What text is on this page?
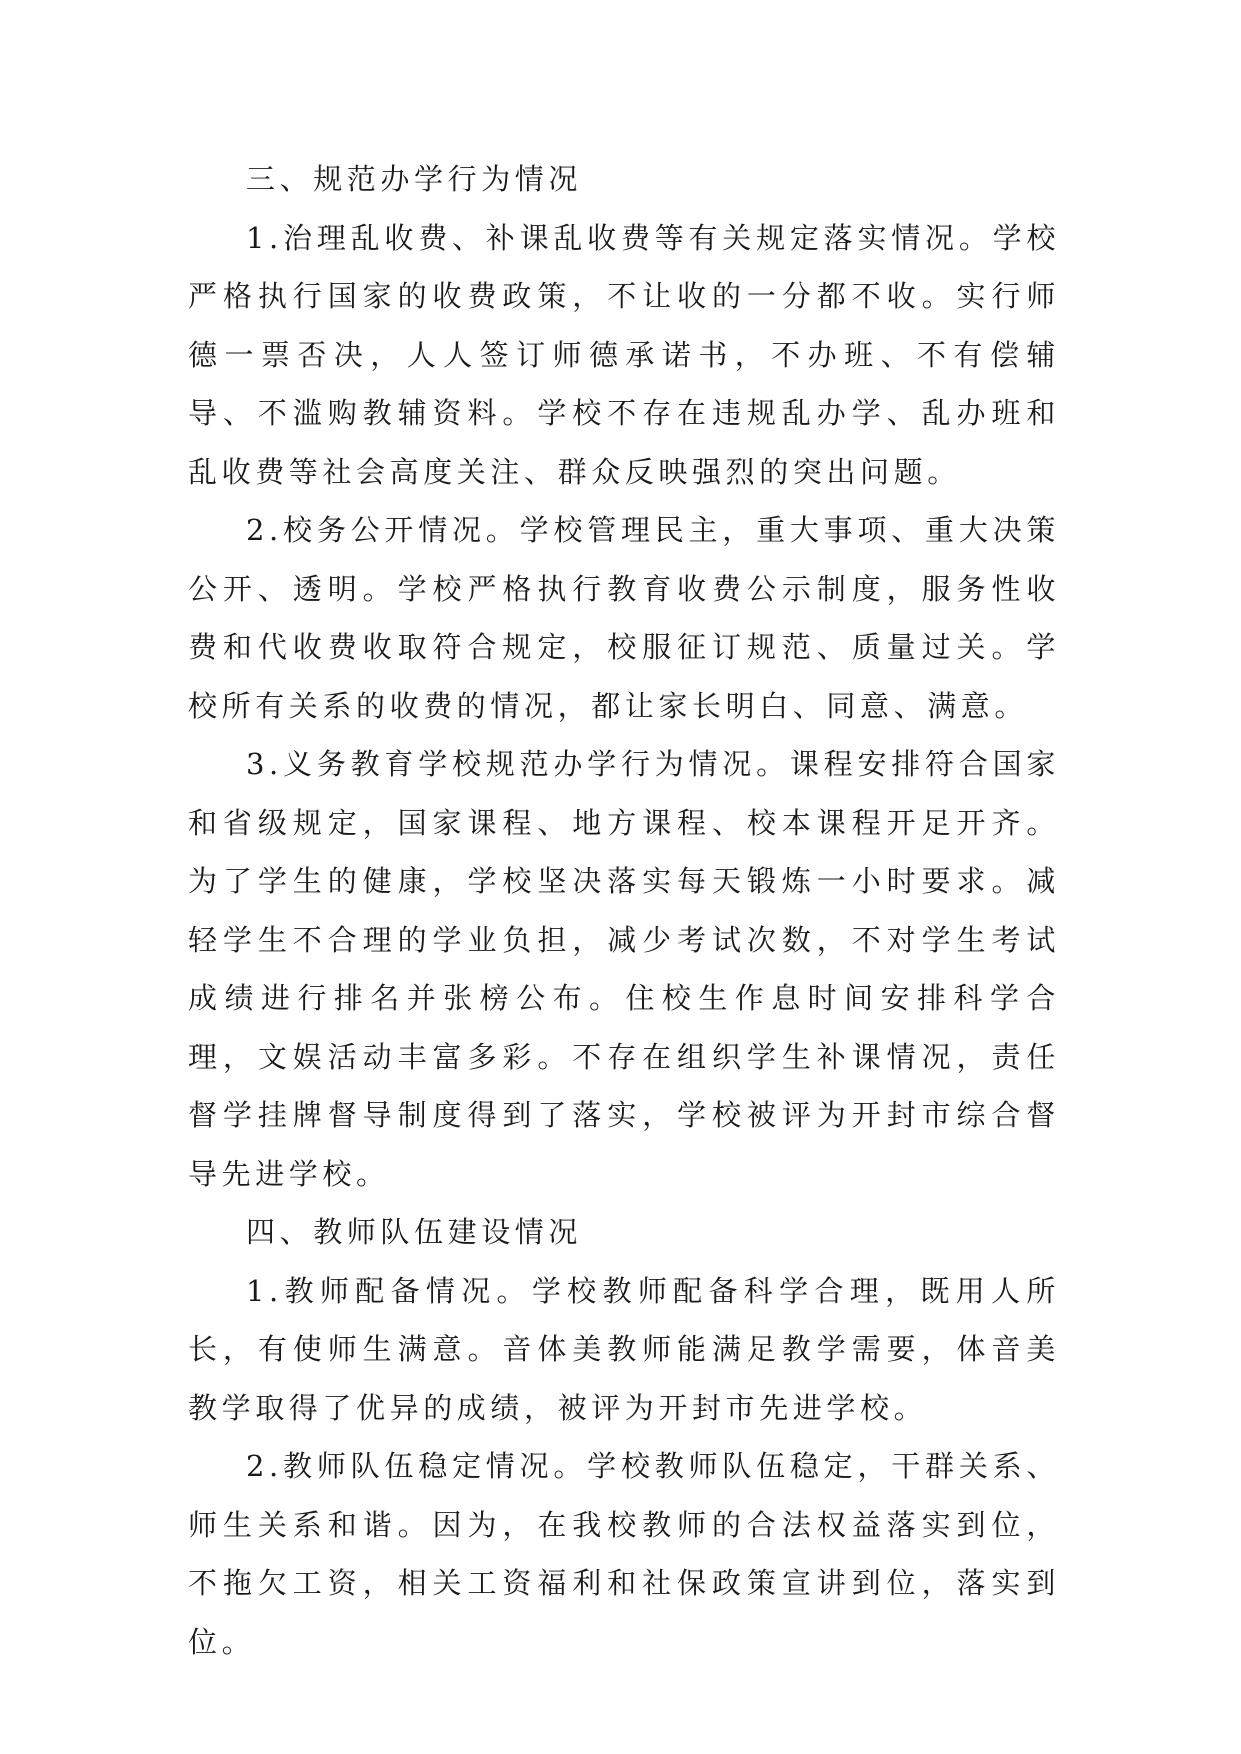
三、规范办学行为情况

1.治理乱收费、补课乱收费等有关规定落实情况。学校严格执行国家的收费政策，不让收的一分都不收。实行师德一票否决，人人签订师德承诺书，不办班、不有偿辅导、不滥购教辅资料。学校不存在违规乱办学、乱办班和乱收费等社会高度关注、群众反映强烈的突出问题。

2.校务公开情况。学校管理民主，重大事项、重大决策公开、透明。学校严格执行教育收费公示制度，服务性收费和代收费收取符合规定，校服征订规范、质量过关。学校所有关系的收费的情况，都让家长明白、同意、满意。

3.义务教育学校规范办学行为情况。课程安排符合国家和省级规定，国家课程、地方课程、校本课程开足开齐。为了学生的健康，学校坚决落实每天锻炼一小时要求。减轻学生不合理的学业负担，减少考试次数，不对学生考试成绩进行排名并张榜公布。住校生作息时间安排科学合理，文娱活动丰富多彩。不存在组织学生补课情况，责任督学挂牌督导制度得到了落实，学校被评为开封市综合督导先进学校。

四、教师队伍建设情况

1.教师配备情况。学校教师配备科学合理，既用人所长，有使师生满意。音体美教师能满足教学需要，体音美教学取得了优异的成绩，被评为开封市先进学校。

2.教师队伍稳定情况。学校教师队伍稳定，干群关系、师生关系和谐。因为，在我校教师的合法权益落实到位，不拖欠工资，相关工资福利和社保政策宣讲到位，落实到位。
